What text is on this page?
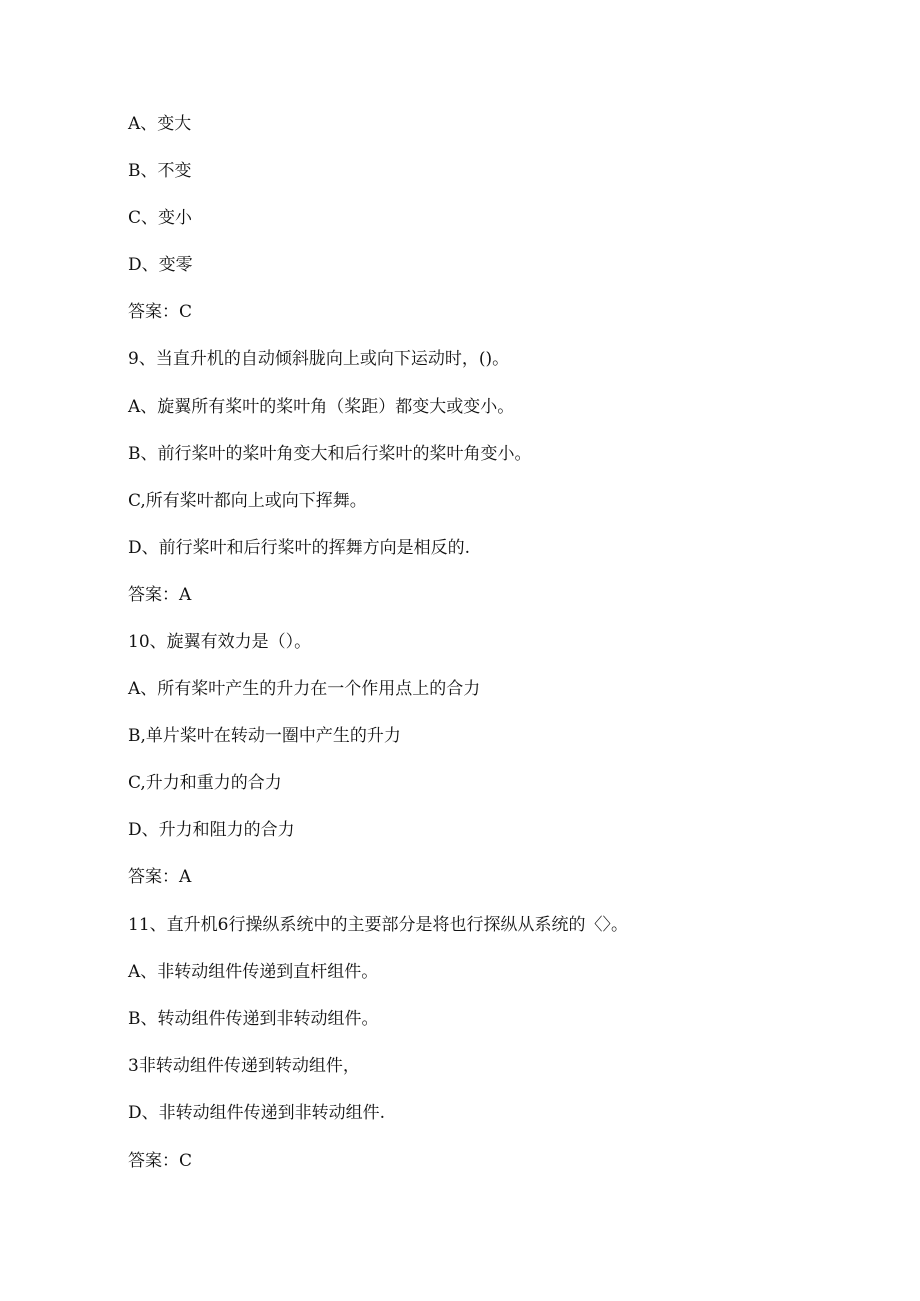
A、变大
B、不变
C、变小
D、变零
答案：C
9、当直升机的自动倾斜胧向上或向下运动时，()。
A、旋翼所有桨叶的桨叶角（桨距）都变大或变小。
B、前行桨叶的桨叶角变大和后行桨叶的桨叶角变小。
C,所有桨叶都向上或向下挥舞。
D、前行桨叶和后行桨叶的挥舞方向是相反的.
答案：A
10、旋翼有效力是（）。
A、所有桨叶产生的升力在一个作用点上的合力
B,单片桨叶在转动一圈中产生的升力
C,升力和重力的合力
D、升力和阻力的合力
答案：A
11、直升机6行操纵系统中的主要部分是将也行探纵从系统的〈〉。
A、非转动组件传递到直杆组件。
B、转动组件传递到非转动组件。
3非转动组件传递到转动组件，
D、非转动组件传递到非转动组件.
答案：C
